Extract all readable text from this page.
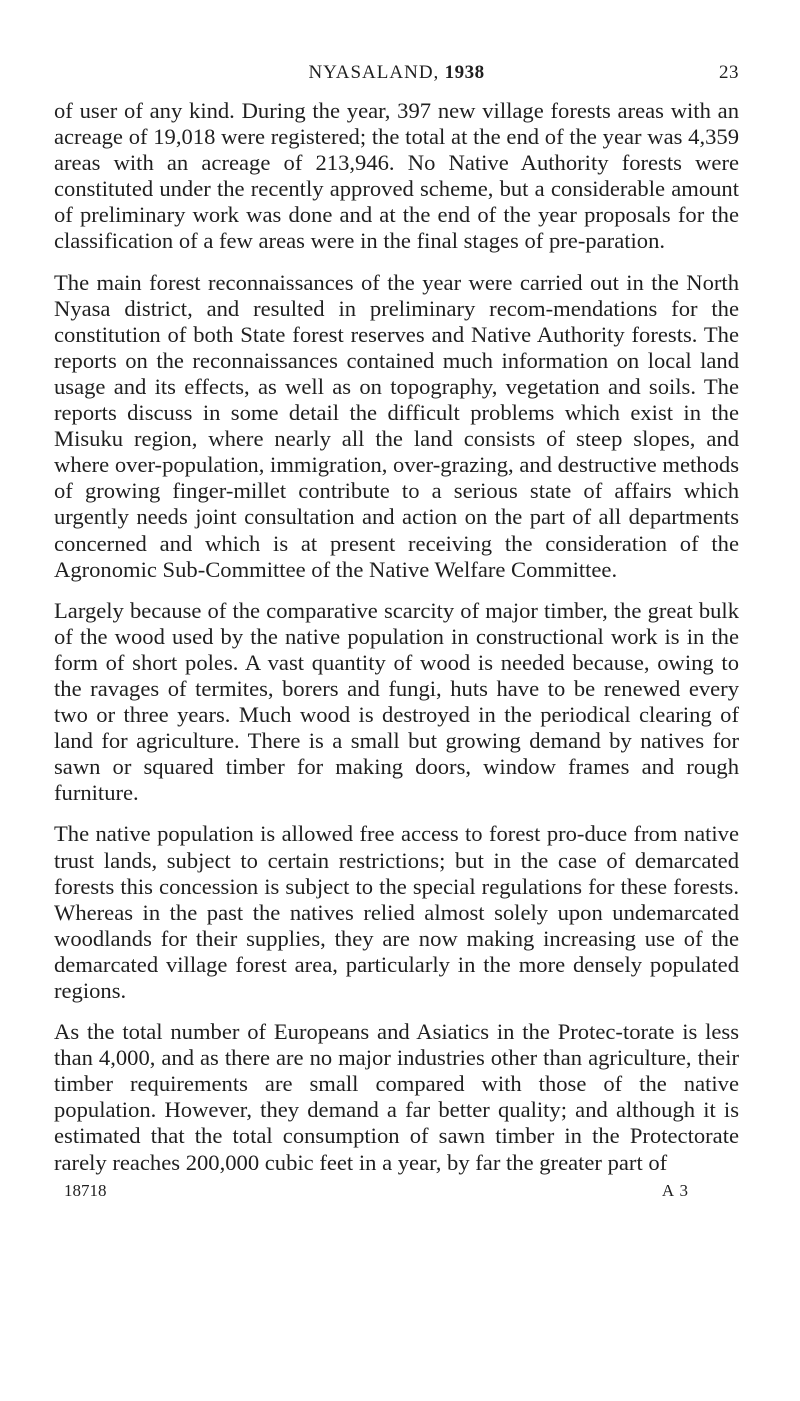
NYASALAND, 1938	23

of user of any kind. During the year, 397 new village forests areas with an acreage of 19,018 were registered; the total at the end of the year was 4,359 areas with an acreage of 213,946. No Native Authority forests were constituted under the recently approved scheme, but a considerable amount of preliminary work was done and at the end of the year proposals for the classification of a few areas were in the final stages of pre-paration.

The main forest reconnaissances of the year were carried out in the North Nyasa district, and resulted in preliminary recom-mendations for the constitution of both State forest reserves and Native Authority forests. The reports on the reconnaissances contained much information on local land usage and its effects, as well as on topography, vegetation and soils. The reports discuss in some detail the difficult problems which exist in the Misuku region, where nearly all the land consists of steep slopes, and where over-population, immigration, over-grazing, and destructive methods of growing finger-millet contribute to a serious state of affairs which urgently needs joint consultation and action on the part of all departments concerned and which is at present receiving the consideration of the Agronomic Sub-Committee of the Native Welfare Committee.

Largely because of the comparative scarcity of major timber, the great bulk of the wood used by the native population in constructional work is in the form of short poles. A vast quantity of wood is needed because, owing to the ravages of termites, borers and fungi, huts have to be renewed every two or three years. Much wood is destroyed in the periodical clearing of land for agriculture. There is a small but growing demand by natives for sawn or squared timber for making doors, window frames and rough furniture.

The native population is allowed free access to forest pro-duce from native trust lands, subject to certain restrictions; but in the case of demarcated forests this concession is subject to the special regulations for these forests. Whereas in the past the natives relied almost solely upon undemarcated woodlands for their supplies, they are now making increasing use of the demarcated village forest area, particularly in the more densely populated regions.

As the total number of Europeans and Asiatics in the Protec-torate is less than 4,000, and as there are no major industries other than agriculture, their timber requirements are small compared with those of the native population. However, they demand a far better quality; and although it is estimated that the total consumption of sawn timber in the Protectorate rarely reaches 200,000 cubic feet in a year, by far the greater part of

18718	A 3
